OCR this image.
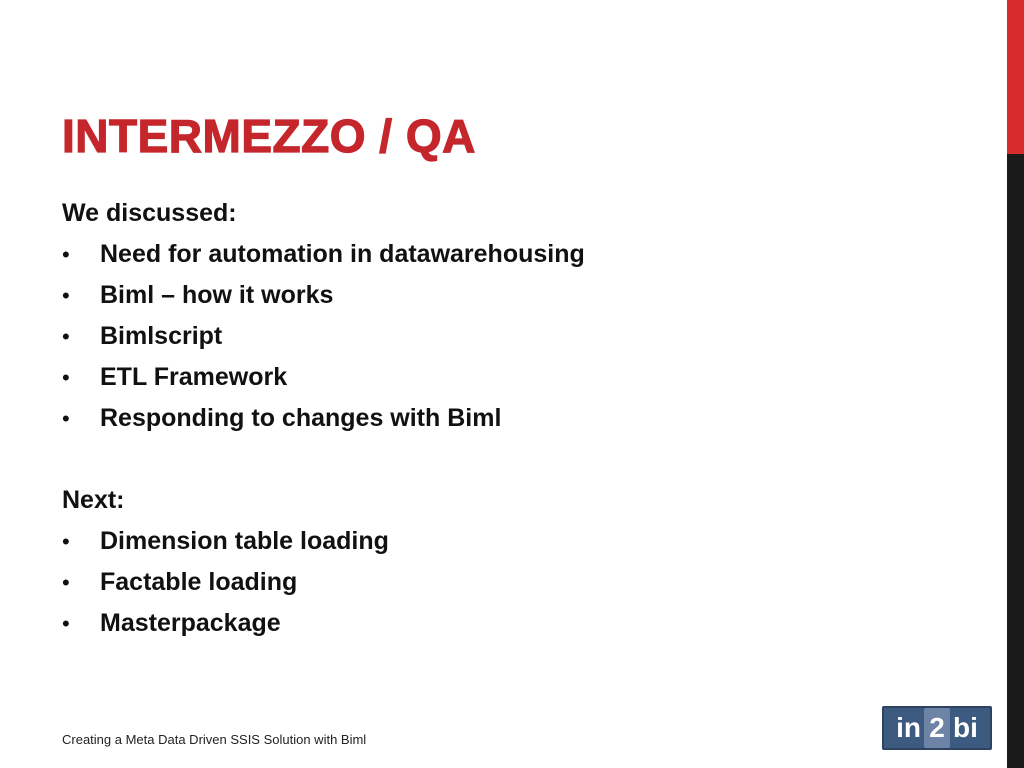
INTERMEZZO / QA
We discussed:
• Need for automation in datawarehousing
• Biml – how it works
• Bimlscript
• ETL Framework
• Responding to changes with Biml
Next:
• Dimension table loading
• Factable loading
• Masterpackage
Creating a Meta Data Driven SSIS Solution with Biml	in 2 bi
